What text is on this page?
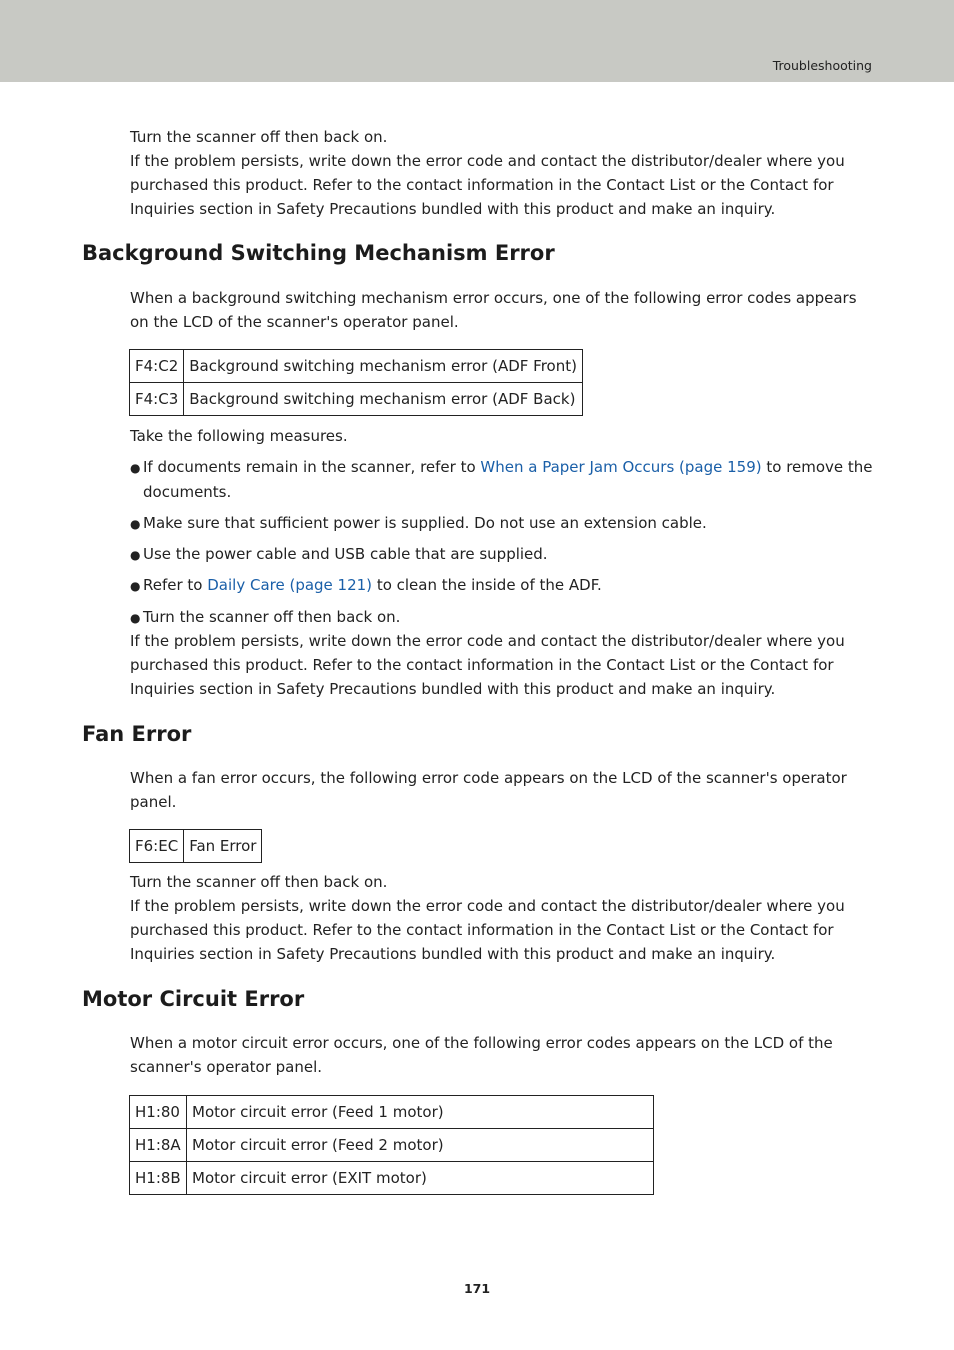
Troubleshooting
Turn the scanner off then back on.
If the problem persists, write down the error code and contact the distributor/dealer where you
purchased this product. Refer to the contact information in the Contact List or the Contact for
Inquiries section in Safety Precautions bundled with this product and make an inquiry.
Background Switching Mechanism Error
When a background switching mechanism error occurs, one of the following error codes appears
on the LCD of the scanner's operator panel.
F4:C2	Background switching mechanism error (ADF Front)
F4:C3	Background switching mechanism error (ADF Back)
Take the following measures.
● If documents remain in the scanner, refer to When a Paper Jam Occurs (page 159) to remove the
documents.
● Make sure that sufficient power is supplied. Do not use an extension cable.
● Use the power cable and USB cable that are supplied.
● Refer to Daily Care (page 121) to clean the inside of the ADF.
● Turn the scanner off then back on.
If the problem persists, write down the error code and contact the distributor/dealer where you
purchased this product. Refer to the contact information in the Contact List or the Contact for
Inquiries section in Safety Precautions bundled with this product and make an inquiry.
Fan Error
When a fan error occurs, the following error code appears on the LCD of the scanner's operator
panel.
F6:EC	Fan Error
Turn the scanner off then back on.
If the problem persists, write down the error code and contact the distributor/dealer where you
purchased this product. Refer to the contact information in the Contact List or the Contact for
Inquiries section in Safety Precautions bundled with this product and make an inquiry.
Motor Circuit Error
When a motor circuit error occurs, one of the following error codes appears on the LCD of the
scanner's operator panel.
H1:80	Motor circuit error (Feed 1 motor)
H1:8A	Motor circuit error (Feed 2 motor)
H1:8B	Motor circuit error (EXIT motor)
171
